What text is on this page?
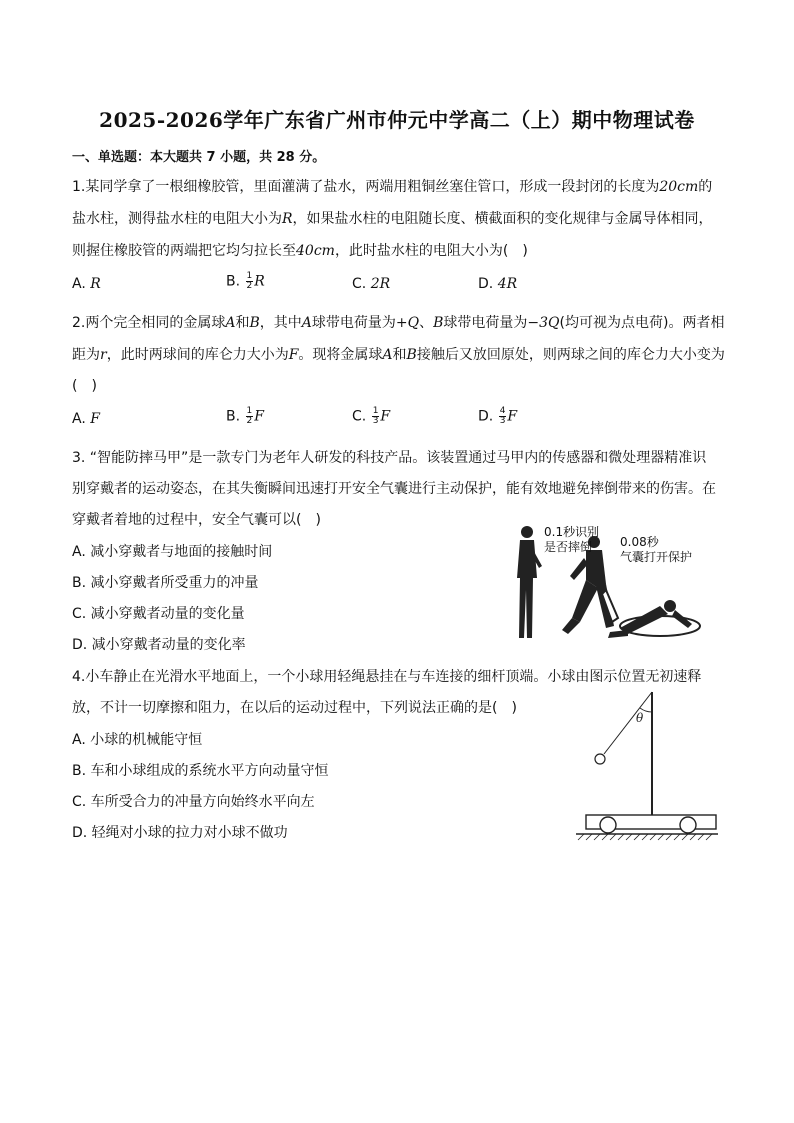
2025-2026学年广东省广州市仲元中学高二（上）期中物理试卷
一、单选题：本大题共 7 小题，共 28 分。
1.某同学拿了一根细橡胶管，里面灌满了盐水，两端用粗铜丝塞住管口，形成一段封闭的长度为20cm的
盐水柱，测得盐水柱的电阻大小为R，如果盐水柱的电阻随长度、横截面积的变化规律与金属导体相同，
则握住橡胶管的两端把它均匀拉长至40cm，此时盐水柱的电阻大小为(　)
A. R	B. $\frac{1}{2}$ R	C. 2R	D. 4R
2.两个完全相同的金属球A和B，其中A球带电荷量为+Q、B球带电荷量为−3Q(均可视为点电荷)。两者相
距为r，此时两球间的库仑力大小为F。现将金属球A和B接触后又放回原处，则两球之间的库仑力大小变为
(　)
A. F	B. $\frac{1}{2}$ F	C. $\frac{1}{3}$ F	D. $\frac{4}{3}$ F
3. “智能防摔马甲”是一款专门为老年人研发的科技产品。该装置通过马甲内的传感器和微处理器精准识
别穿戴者的运动姿态，在其失衡瞬间迅速打开安全气囊进行主动保护，能有效地避免摔倒带来的伤害。在
穿戴者着地的过程中，安全气囊可以(　)
A. 减小穿戴者与地面的接触时间
B. 减小穿戴者所受重力的冲量
C. 减小穿戴者动量的变化量
D. 减小穿戴者动量的变化率
0.1秒识别
是否摔倒 0.08秒
气囊打开保护
4.小车静止在光滑水平地面上，一个小球用轻绳悬挂在与车连接的细杆顶端。小球由图示位置无初速释
放，不计一切摩擦和阻力，在以后的运动过程中，下列说法正确的是(　)
A. 小球的机械能守恒
B. 车和小球组成的系统水平方向动量守恒
C. 车所受合力的冲量方向始终水平向左
D. 轻绳对小球的拉力对小球不做功
θ
